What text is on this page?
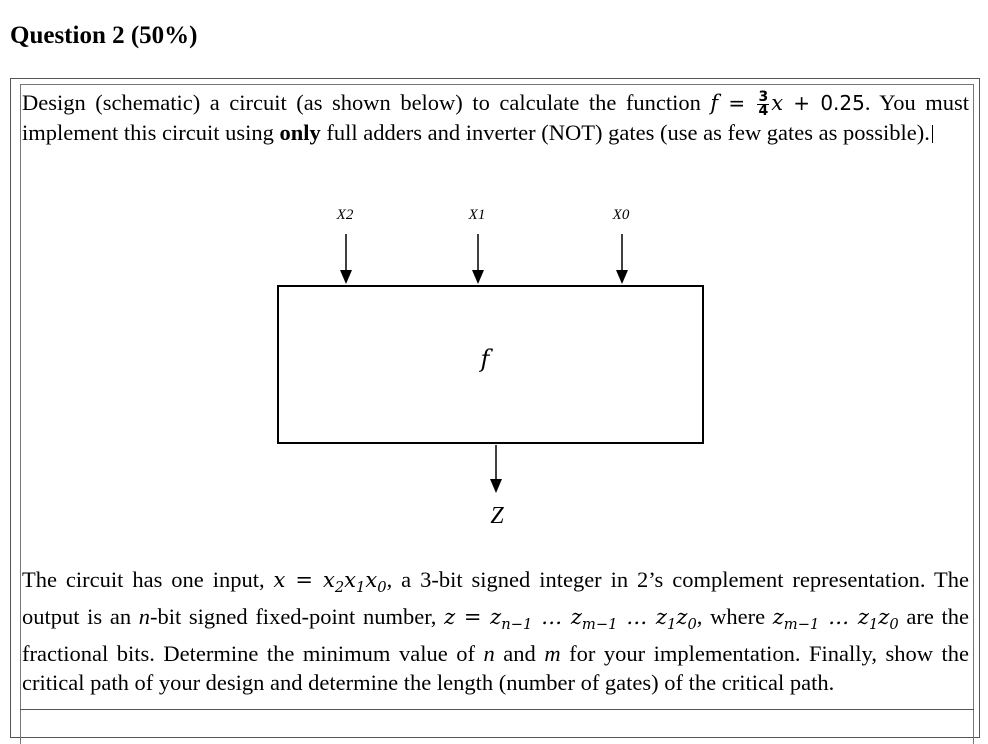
Question 2 (50%)
Design (schematic) a circuit (as shown below) to calculate the function $f = \frac{3}{4}$ x + 0.25. You must implement this circuit using only full adders and inverter (NOT) gates (use as few gates as possible).
X2	X1	X0
f
Z
The circuit has one input, $x = x_2x_1x_0$, a 3-bit signed integer in 2’s complement representation. The output is an n-bit signed fixed-point number, $z = z_{n-1}$ … $z_{m-1}$ … $z_1z_0$, where $z_{m-1}$ … $z_1z_0$ are the fractional bits. Determine the minimum value of n and m for your implementation. Finally, show the critical path of your design and determine the length (number of gates) of the critical path.
